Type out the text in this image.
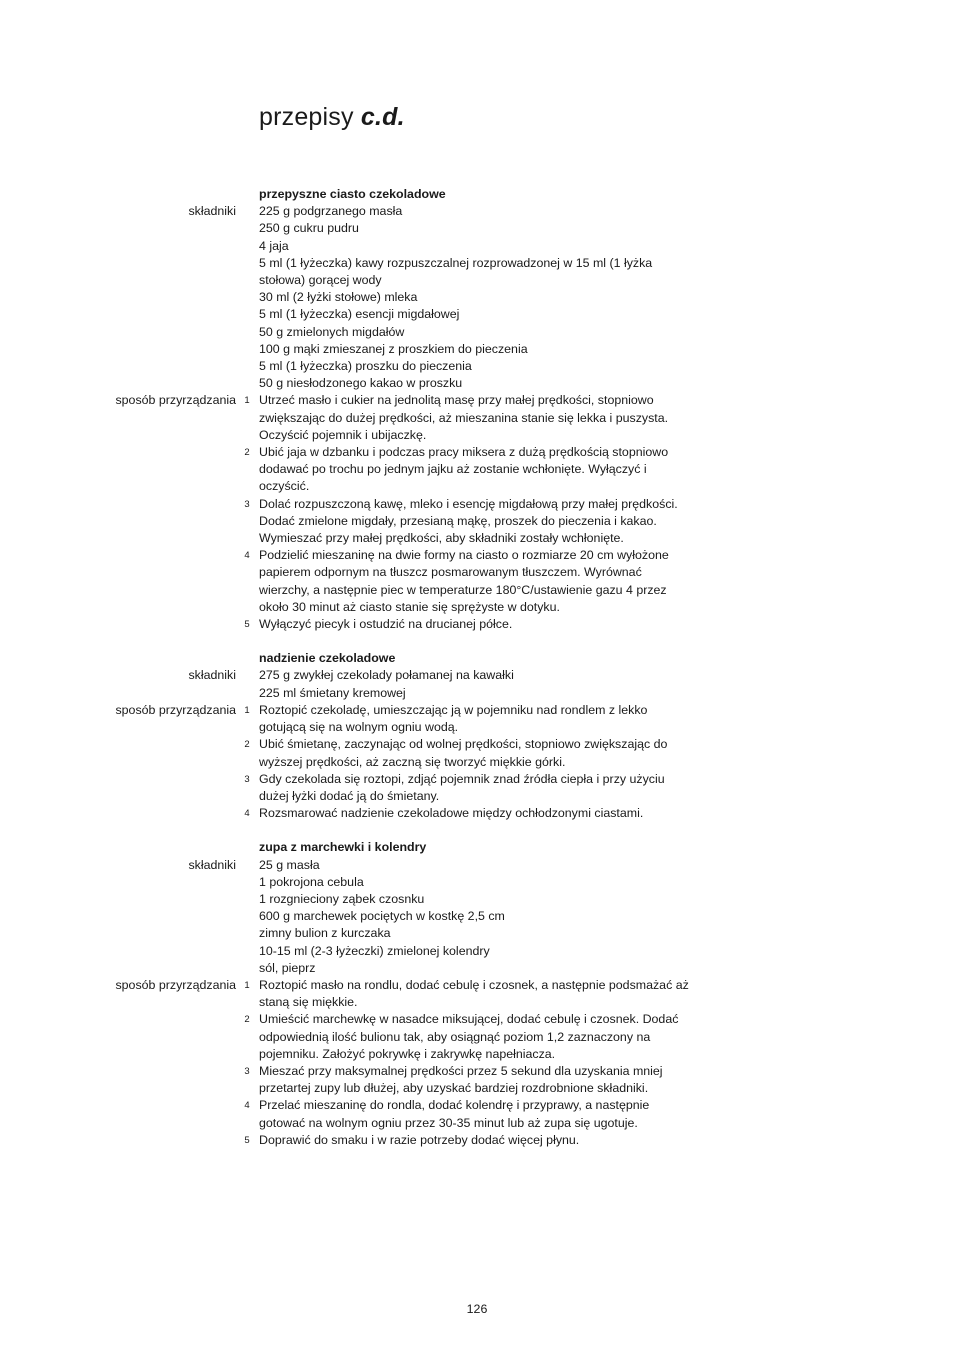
przepisy c.d.
przepyszne ciasto czekoladowe
składniki 225 g podgrzanego masła
250 g cukru pudru
4 jaja
5 ml (1 łyżeczka) kawy rozpuszczalnej rozprowadzonej w 15 ml (1 łyżka stołowa) gorącej wody
30 ml (2 łyżki stołowe) mleka
5 ml (1 łyżeczka) esencji migdałowej
50 g zmielonych migdałów
100 g mąki zmieszanej z proszkiem do pieczenia
5 ml (1 łyżeczka) proszku do pieczenia
50 g niesłodzonego kakao w proszku
sposób przyrządzania 1 Utrzeć masło i cukier na jednolitą masę przy małej prędkości, stopniowo zwiększając do dużej prędkości, aż mieszanina stanie się lekka i puszysta. Oczyścić pojemnik i ubijaczkę.
2 Ubić jaja w dzbanku i podczas pracy miksera z dużą prędkością stopniowo dodawać po trochu po jednym jajku aż zostanie wchłonięte. Wyłączyć i oczyścić.
3 Dolać rozpuszczoną kawę, mleko i esencję migdałową przy małej prędkości. Dodać zmielone migdały, przesianą mąkę, proszek do pieczenia i kakao. Wymieszać przy małej prędkości, aby składniki zostały wchłonięte.
4 Podzielić mieszaninę na dwie formy na ciasto o rozmiarze 20 cm wyłożone papierem odpornym na tłuszcz posmarowanym tłuszczem. Wyrównać wierzchy, a następnie piec w temperaturze 180°C/ustawienie gazu 4 przez około 30 minut aż ciasto stanie się sprężyste w dotyku.
5 Wyłączyć piecyk i ostudzić na drucianej półce.
nadzienie czekoladowe
składniki 275 g zwykłej czekolady połamanej na kawałki
225 ml śmietany kremowej
sposób przyrządzania 1 Roztopić czekoladę, umieszczając ją w pojemniku nad rondlem z lekko gotującą się na wolnym ogniu wodą.
2 Ubić śmietanę, zaczynając od wolnej prędkości, stopniowo zwiększając do wyższej prędkości, aż zaczną się tworzyć miękkie górki.
3 Gdy czekolada się roztopi, zdjąć pojemnik znad źródła ciepła i przy użyciu dużej łyżki dodać ją do śmietany.
4 Rozsmarować nadzienie czekoladowe między ochłodzonymi ciastami.
zupa z marchewki i kolendry
składniki 25 g masła
1 pokrojona cebula
1 rozgnieciony ząbek czosnku
600 g marchewek pociętych w kostkę 2,5 cm
zimny bulion z kurczaka
10-15 ml (2-3 łyżeczki) zmielonej kolendry
sól, pieprz
sposób przyrządzania 1 Roztopić masło na rondlu, dodać cebulę i czosnek, a następnie podsmażać aż staną się miękkie.
2 Umieścić marchewkę w nasadce miksującej, dodać cebulę i czosnek. Dodać odpowiednią ilość bulionu tak, aby osiągnąć poziom 1,2 zaznaczony na pojemniku. Założyć pokrywkę i zakrywkę napełniacza.
3 Mieszać przy maksymalnej prędkości przez 5 sekund dla uzyskania mniej przetartej zupy lub dłużej, aby uzyskać bardziej rozdrobnione składniki.
4 Przelać mieszaninę do rondla, dodać kolendrę i przyprawy, a następnie gotować na wolnym ogniu przez 30-35 minut lub aż zupa się ugotuje.
5 Doprawić do smaku i w razie potrzeby dodać więcej płynu.
126
